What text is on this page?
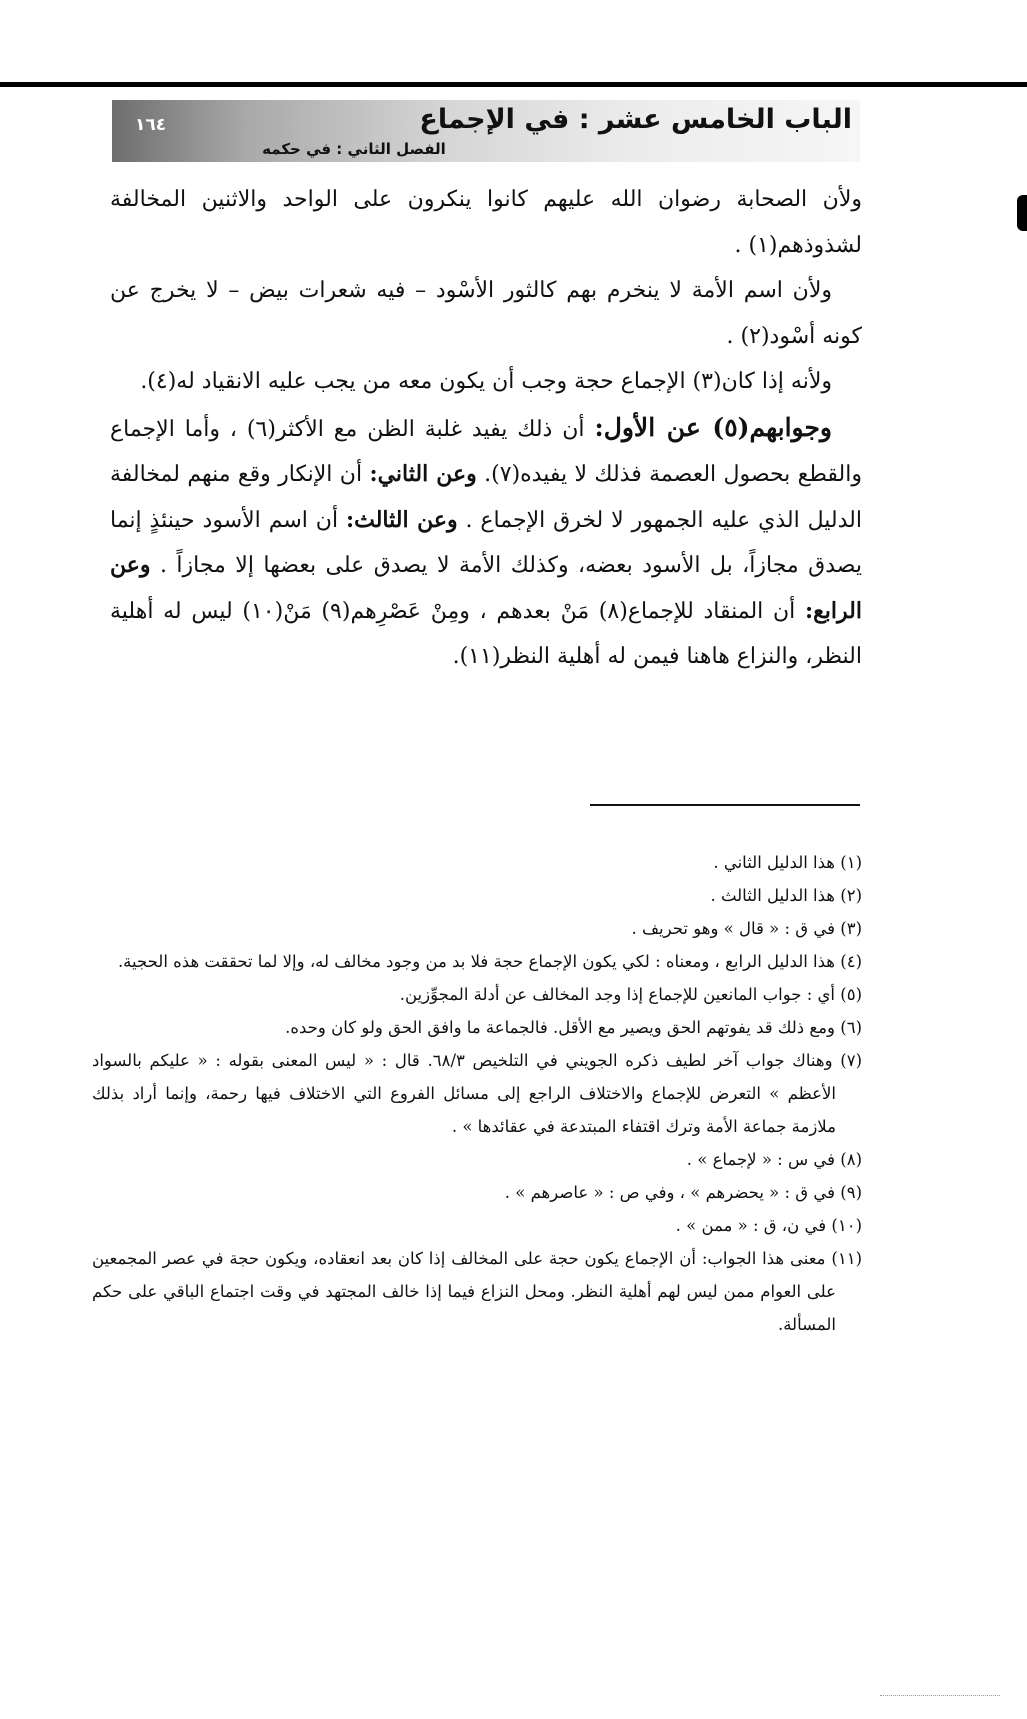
١٦٤	الباب الخامس عشر : في الإجماع
الفصل الثاني : في حكمه

ولأن الصحابة رضوان الله عليهم كانوا ينكرون على الواحد والاثنين المخالفة لشذوذهم(١) .

ولأن اسم الأمة لا ينخرم بهم كالثور الأسْود – فيه شعرات بيض – لا يخرج عن كونه أسْود(٢) .

ولأنه إذا كان(٣) الإجماع حجة وجب أن يكون معه من يجب عليه الانقياد له(٤).

وجوابهم(٥) عن الأول: أن ذلك يفيد غلبة الظن مع الأكثر(٦) ، وأما الإجماع والقطع بحصول العصمة فذلك لا يفيده(٧). وعن الثاني: أن الإنكار وقع منهم لمخالفة الدليل الذي عليه الجمهور لا لخرق الإجماع . وعن الثالث: أن اسم الأسود حينئذٍ إنما يصدق مجازاً، بل الأسود بعضه، وكذلك الأمة لا يصدق على بعضها إلا مجازاً . وعن الرابع: أن المنقاد للإجماع(٨) مَنْ بعدهم ، ومِنْ عَصْرِهم(٩) مَنْ(١٠) ليس له أهلية النظر، والنزاع هاهنا فيمن له أهلية النظر(١١).

(١) هذا الدليل الثاني .

(٢) هذا الدليل الثالث .

(٣) في ق : « قال » وهو تحريف .

(٤) هذا الدليل الرابع ، ومعناه : لكي يكون الإجماع حجة فلا بد من وجود مخالف له، وإلا لما تحققت هذه الحجية.

(٥) أي : جواب المانعين للإجماع إذا وجد المخالف عن أدلة المجوِّزين.

(٦) ومع ذلك قد يفوتهم الحق ويصير مع الأقل. فالجماعة ما وافق الحق ولو كان وحده.

(٧) وهناك جواب آخر لطيف ذكره الجويني في التلخيص ٦٨/٣. قال : « ليس المعنى بقوله : « عليكم بالسواد الأعظم » التعرض للإجماع والاختلاف الراجع إلى مسائل الفروع التي الاختلاف فيها رحمة، وإنما أراد بذلك ملازمة جماعة الأمة وترك اقتفاء المبتدعة في عقائدها » .

(٨) في س : « لإجماع » .

(٩) في ق : « يحضرهم » ، وفي ص : « عاصرهم » .

(١٠) في ن، ق : « ممن » .

(١١) معنى هذا الجواب: أن الإجماع يكون حجة على المخالف إذا كان بعد انعقاده، ويكون حجة في عصر المجمعين على العوام ممن ليس لهم أهلية النظر. ومحل النزاع فيما إذا خالف المجتهد في وقت اجتماع الباقي على حكم المسألة.
